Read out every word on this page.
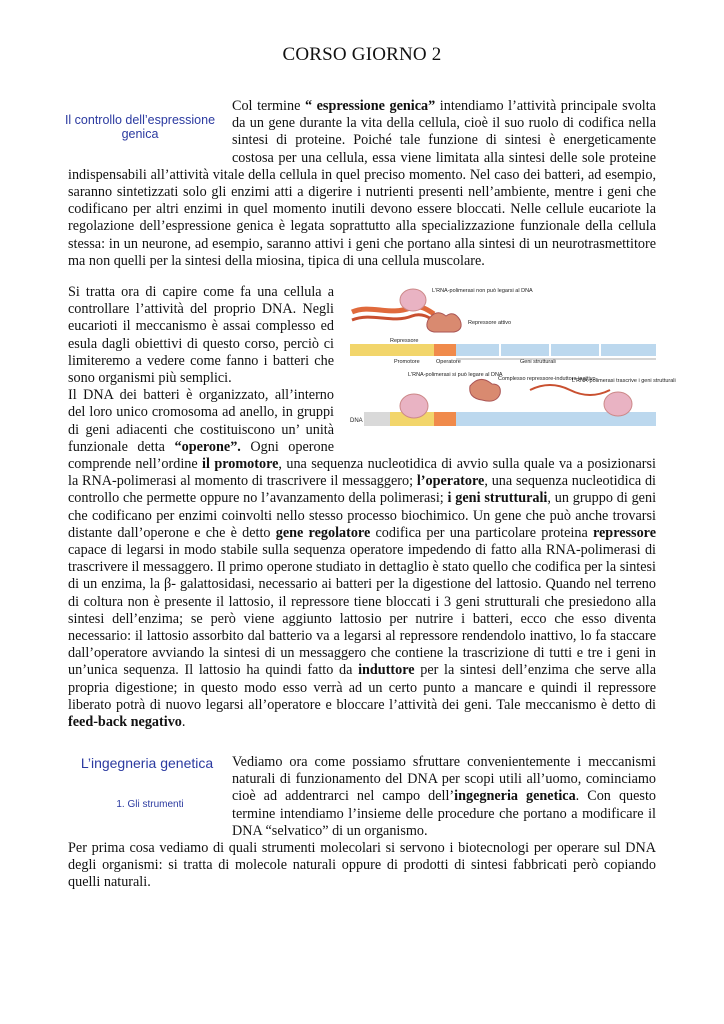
CORSO GIORNO 2
Il controllo dell’espressione genica
Col termine “ espressione genica” intendiamo l’attività principale svolta da un gene durante la vita della cellula, cioè il suo ruolo di codifica nella sintesi di proteine. Poiché tale funzione di sintesi è energeticamente costosa per una cellula, essa viene limitata alla sintesi delle sole proteine indispensabili all’attività vitale della cellula in quel preciso momento. Nel caso dei batteri, ad esempio, saranno sintetizzati solo gli enzimi atti a digerire i nutrienti presenti nell’ambiente, mentre i geni che codificano per altri enzimi in quel momento inutili devono essere bloccati. Nelle cellule eucariote la regolazione dell’espressione genica è legata soprattutto alla specializzazione funzionale della cellula stessa: in un neurone, ad esempio, saranno attivi i geni che portano alla sintesi di un neurotrasmettitore ma non quelli per la sintesi della miosina, tipica di una cellula muscolare.
Si tratta ora di capire come fa una cellula a controllare l’attività del proprio DNA. Negli eucarioti il meccanismo è assai complesso ed esula dagli obiettivi di questo corso, perciò ci limiteremo a vedere come fanno i batteri che sono organismi più semplici.
Il DNA dei batteri è organizzato, all’interno del loro unico cromosoma ad anello, in gruppi di geni adiacenti che costituiscono un’ unità funzionale detta “operone”. Ogni operone comprende nell’ordine il promotore, una sequenza nucleotidica di avvio sulla quale va a posizionarsi la RNA-polimerasi al momento di trascrivere il messaggero; l’operatore, una sequenza nucleotidica di controllo che permette oppure no l’avanzamento della polimerasi; i geni strutturali, un gruppo di geni che codificano per enzimi coinvolti nello stesso processo biochimico. Un gene che può anche trovarsi distante dall’operone e che è detto gene regolatore codifica per una particolare proteina repressore capace di legarsi in modo stabile sulla sequenza operatore impedendo di fatto alla RNA-polimerasi di trascrivere il messaggero. Il primo operone studiato in dettaglio è stato quello che codifica per la sintesi di un enzima, la β- galattosidasi, necessario ai batteri per la digestione del lattosio. Quando nel terreno di coltura non è presente il lattosio, il repressore tiene bloccati i 3 geni strutturali che presiedono alla sintesi dell’enzima; se però viene aggiunto lattosio per nutrire i batteri, ecco che esso diventa necessario: il lattosio assorbito dal batterio va a legarsi al repressore rendendolo inattivo, lo fa staccare dall’operatore avviando la sintesi di un messaggero che contiene la trascrizione di tutti e tre i geni in un’unica sequenza. Il lattosio ha quindi fatto da induttore per la sintesi dell’enzima che serve alla propria digestione; in questo modo esso verrà ad un certo punto a mancare e quindi il repressore liberato potrà di nuovo legarsi all’operatore e bloccare l’attività dei geni. Tale meccanismo è detto di feed-back negativo.
L'RNA-polimerasi non può legarsi al DNA
Repressore
Repressore attivo
Promotore	Operatore	Geni strutturali
L'RNA-polimerasi si può legare al DNA
Complesso repressore-induttore inattivo
L'RNA-polimerasi trascrive i geni strutturali
DNA
L’ingegneria genetica
1. Gli strumenti
Vediamo ora come possiamo sfruttare convenientemente i meccanismi naturali di funzionamento del DNA per scopi utili all’uomo, cominciamo cioè ad addentrarci nel campo dell’ingegneria genetica. Con questo termine intendiamo l’insieme delle procedure che portano a modificare il DNA “selvatico” di un organismo.
Per prima cosa vediamo di quali strumenti molecolari si servono i biotecnologi per operare sul DNA degli organismi: si tratta di molecole naturali oppure di prodotti di sintesi fabbricati però copiando quelli naturali.
